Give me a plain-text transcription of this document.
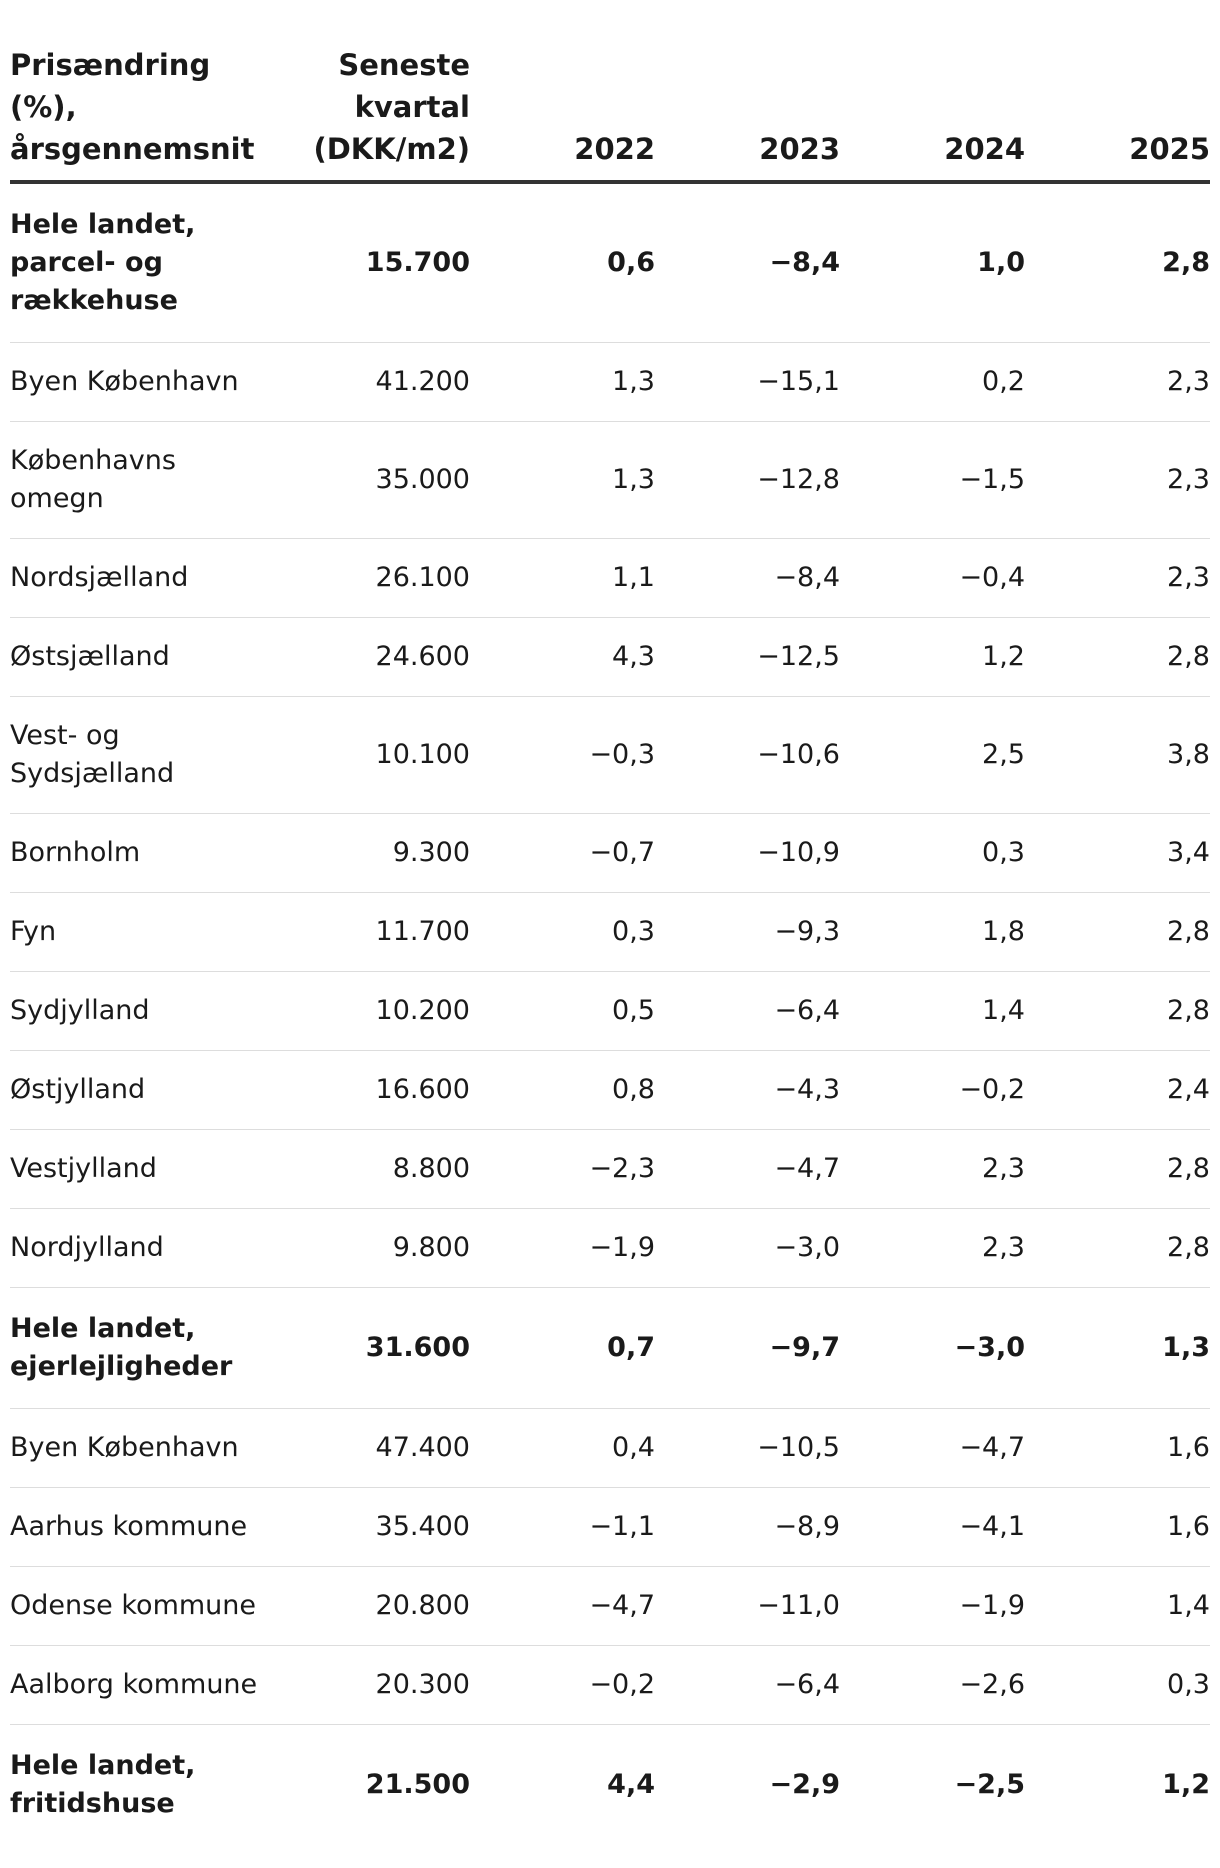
Prisændring (%), årsgennemsnit	Seneste kvartal (DKK/m2)	2022	2023	2024	2025
Hele landet, parcel- og rækkehuse	15.700	0,6	−8,4	1,0	2,8
Byen København	41.200	1,3	−15,1	0,2	2,3
Københavns omegn	35.000	1,3	−12,8	−1,5	2,3
Nordsjælland	26.100	1,1	−8,4	−0,4	2,3
Østsjælland	24.600	4,3	−12,5	1,2	2,8
Vest- og Sydsjælland	10.100	−0,3	−10,6	2,5	3,8
Bornholm	9.300	−0,7	−10,9	0,3	3,4
Fyn	11.700	0,3	−9,3	1,8	2,8
Sydjylland	10.200	0,5	−6,4	1,4	2,8
Østjylland	16.600	0,8	−4,3	−0,2	2,4
Vestjylland	8.800	−2,3	−4,7	2,3	2,8
Nordjylland	9.800	−1,9	−3,0	2,3	2,8
Hele landet, ejerlejligheder	31.600	0,7	−9,7	−3,0	1,3
Byen København	47.400	0,4	−10,5	−4,7	1,6
Aarhus kommune	35.400	−1,1	−8,9	−4,1	1,6
Odense kommune	20.800	−4,7	−11,0	−1,9	1,4
Aalborg kommune	20.300	−0,2	−6,4	−2,6	0,3
Hele landet, fritidshuse	21.500	4,4	−2,9	−2,5	1,2
